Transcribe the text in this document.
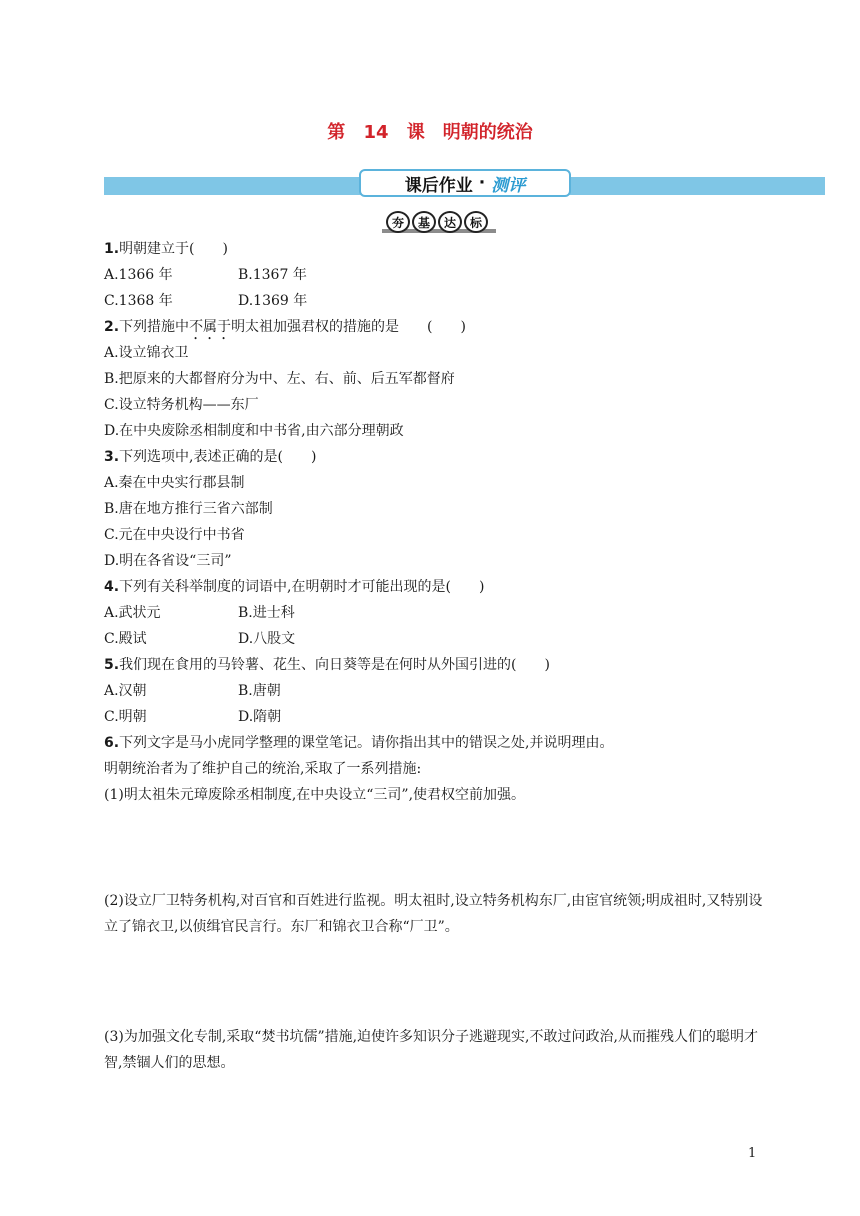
第 14 课　明朝的统治
课后作业 · 测评
夯	基	达	标
1.明朝建立于(　　)
A.1366 年	B.1367 年
C.1368 年	D.1369 年
2.下列措施中不属于明太祖加强君权的措施的是　　(　　)
A.设立锦衣卫
B.把原来的大都督府分为中、左、右、前、后五军都督府
C.设立特务机构——东厂
D.在中央废除丞相制度和中书省,由六部分理朝政
3.下列选项中,表述正确的是(　　)
A.秦在中央实行郡县制
B.唐在地方推行三省六部制
C.元在中央设行中书省
D.明在各省设“三司”
4.下列有关科举制度的词语中,在明朝时才可能出现的是(　　)
A.武状元	B.进士科
C.殿试	D.八股文
5.我们现在食用的马铃薯、花生、向日葵等是在何时从外国引进的(　　)
A.汉朝	B.唐朝
C.明朝	D.隋朝
6.下列文字是马小虎同学整理的课堂笔记。请你指出其中的错误之处,并说明理由。
明朝统治者为了维护自己的统治,采取了一系列措施:
(1)明太祖朱元璋废除丞相制度,在中央设立“三司”,使君权空前加强。
(2)设立厂卫特务机构,对百官和百姓进行监视。明太祖时,设立特务机构东厂,由宦官统领;明成祖时,又特别设立了锦衣卫,以侦缉官民言行。东厂和锦衣卫合称“厂卫”。
(3)为加强文化专制,采取“焚书坑儒”措施,迫使许多知识分子逃避现实,不敢过问政治,从而摧残人们的聪明才智,禁锢人们的思想。
1
